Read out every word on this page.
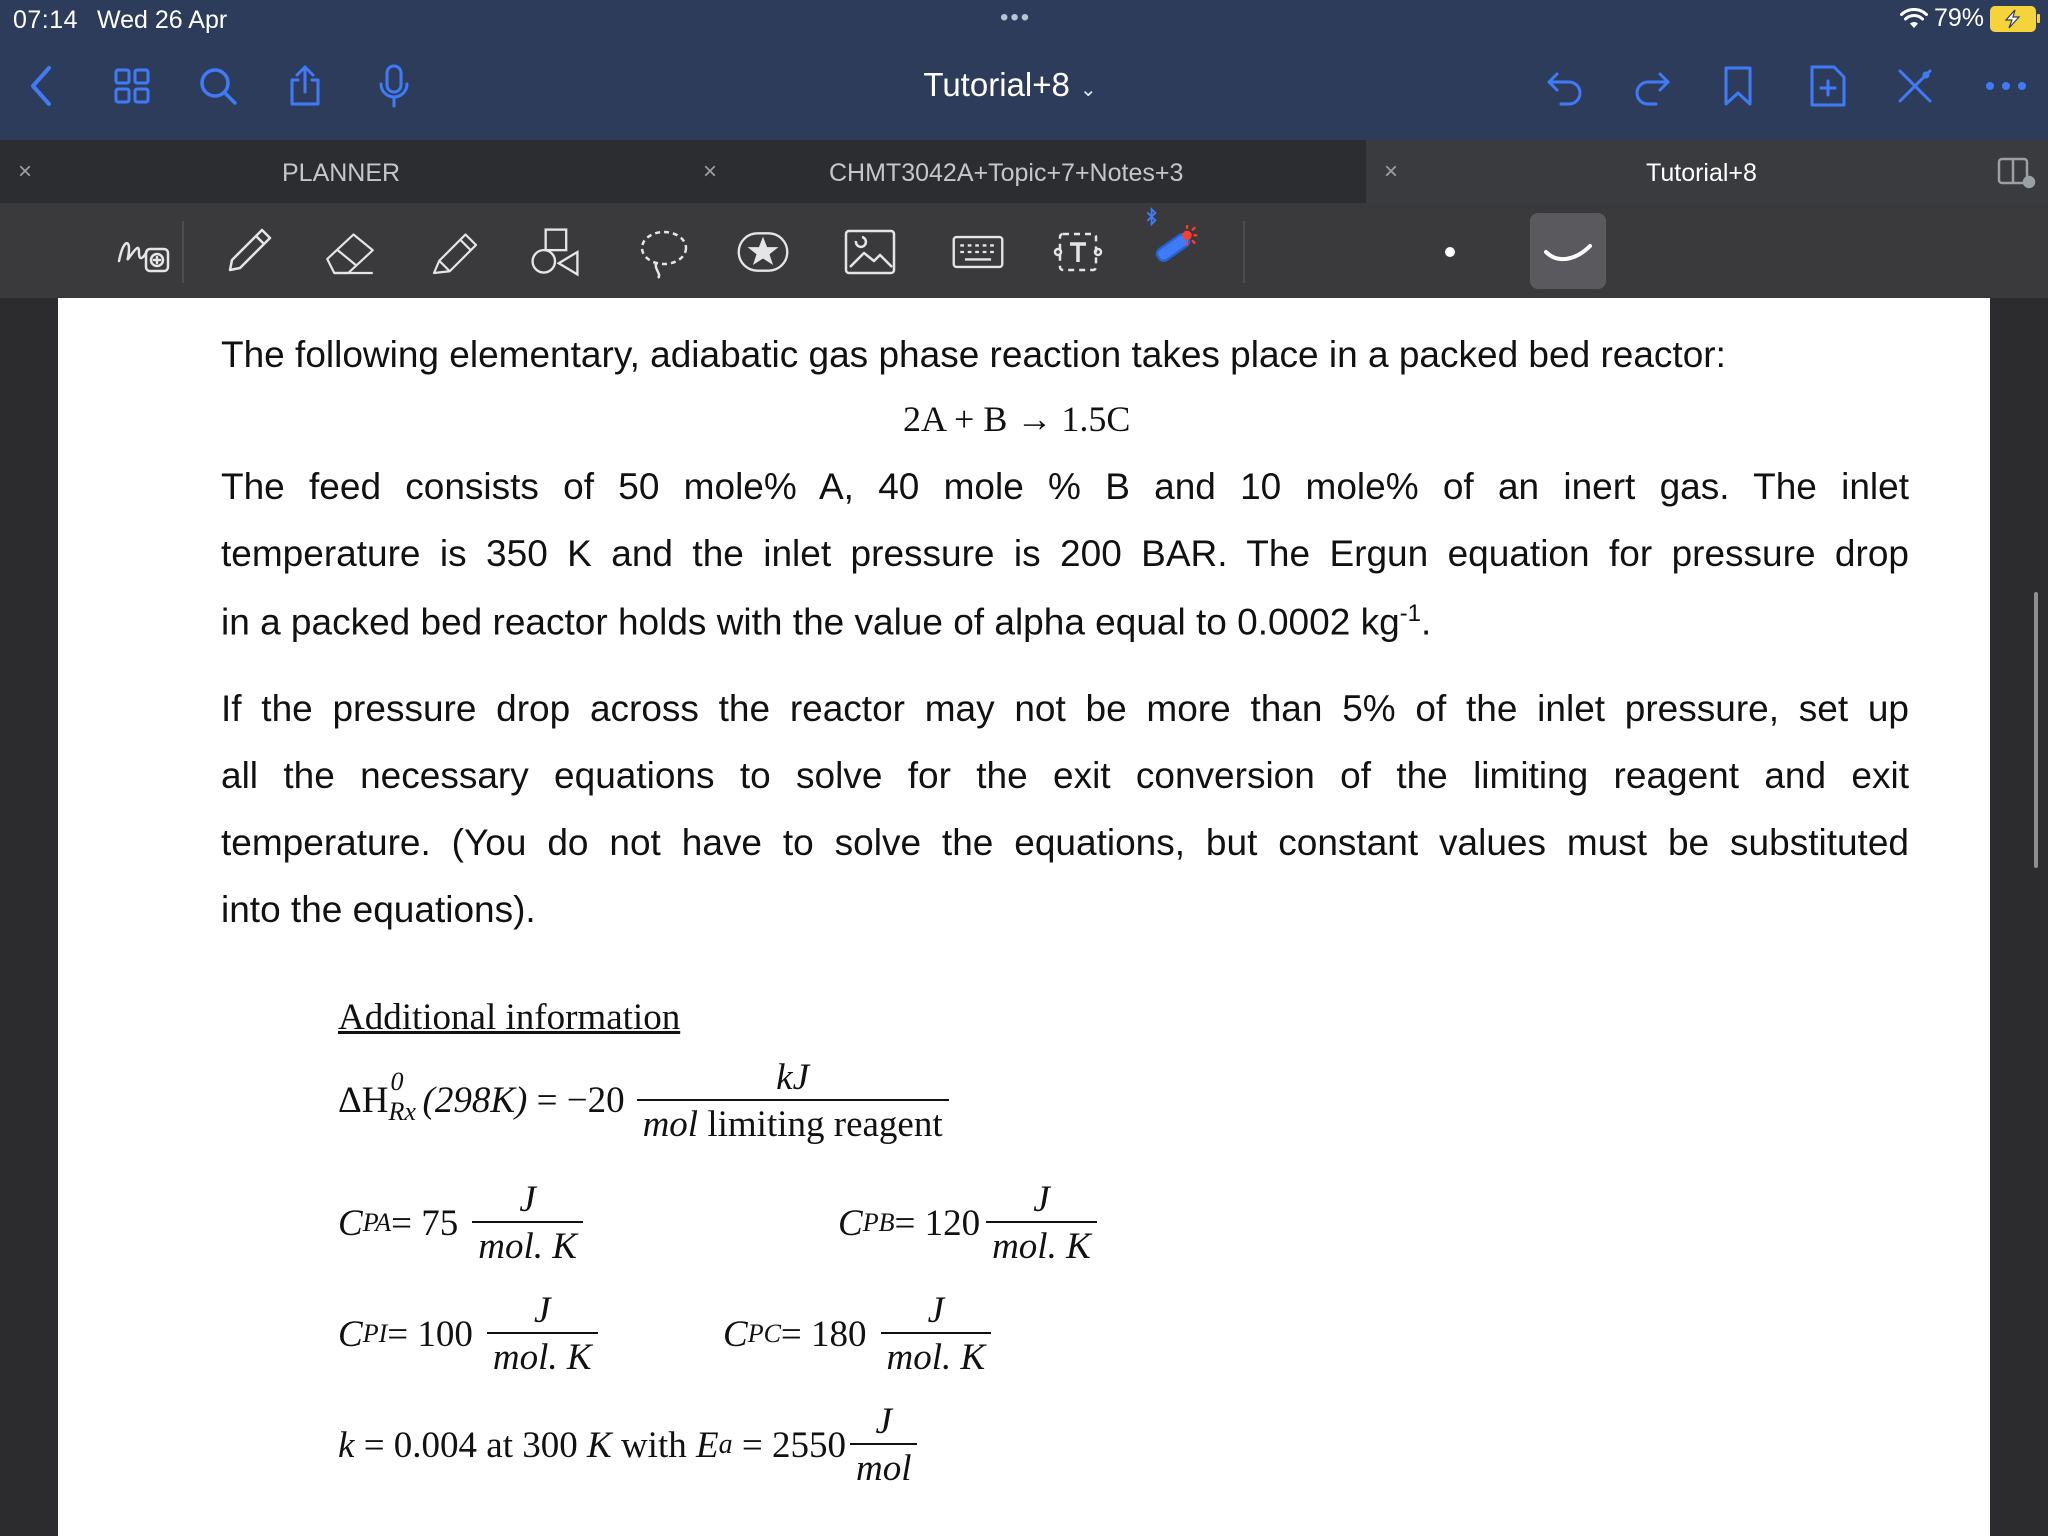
07:14 Wed 26 Apr	•••	79%
Tutorial+8 ⌄
×	PLANNER	×	CHMT3042A+Topic+7+Notes+3	×	Tutorial+8
The following elementary, adiabatic gas phase reaction takes place in a packed bed reactor:
2A + B → 1.5C
The feed consists of 50 mole% A, 40 mole % B and 10 mole% of an inert gas. The inlet
temperature is 350 K and the inlet pressure is 200 BAR. The Ergun equation for pressure drop
in a packed bed reactor holds with the value of alpha equal to 0.0002 $kg^{-1}$.
If the pressure drop across the reactor may not be more than 5% of the inlet pressure, set up
all the necessary equations to solve for the exit conversion of the limiting reagent and exit
temperature. (You do not have to solve the equations, but constant values must be substituted
into the equations).
Additional information
ΔH 0
Rx $(298K) = -20 \frac{kJ}{\text{mol limiting reagent}}$
C PA = $75 \frac{J}{\text{mol. K}}$	C PB = $120 \frac{J}{\text{mol. K}}$
C PI = $100 \frac{J}{\text{mol. K}}$	C PC = $180 \frac{J}{\text{mol. K}}$
k = 0.004 at 300 K with E $a = 2550 \frac{J}{\text{mol}}$
